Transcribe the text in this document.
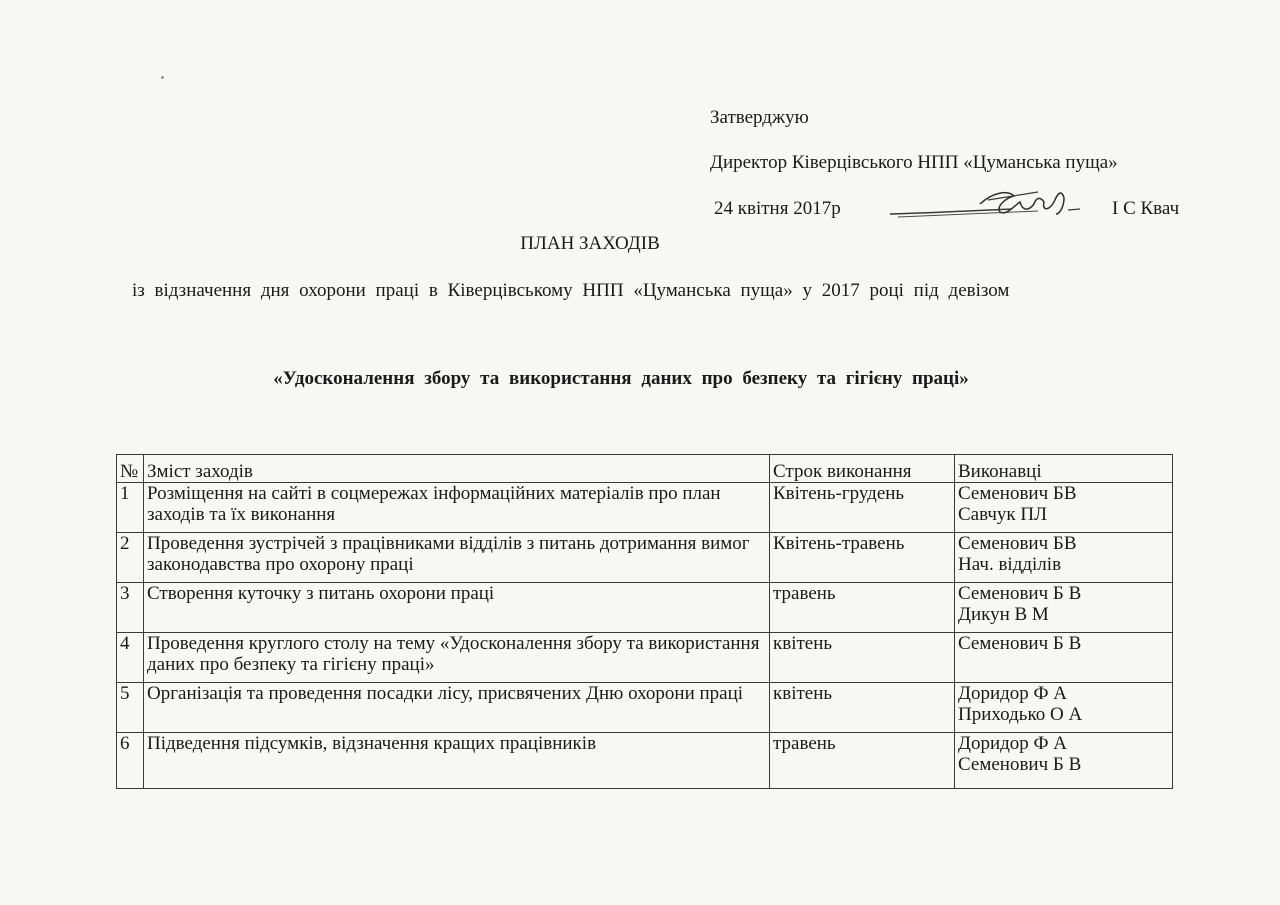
Затверджую
Директор Ківерцівського НПП «Цуманська пуща»
24 квітня 2017р	І С Квач
ПЛАН ЗАХОДІВ
із відзначення дня охорони праці в Ківерцівському НПП «Цуманська пуща» у 2017 році під девізом
«Удосконалення збору та використання даних про безпеку та гігієну праці»
№	Зміст заходів	Строк виконання	Виконавці
1	Розміщення на сайті в соцмережах інформаційних матеріалів про план заходів та їх виконання	Квітень-грудень	Семенович БВ
Савчук ПЛ

2	Проведення зустрічей з працівниками відділів з питань дотримання вимог законодавства про охорону праці	Квітень-травень	Семенович БВ
Нач. відділів

3	Створення куточку з питань охорони праці	травень	Семенович Б В
Дикун В М

4	Проведення круглого столу на тему «Удосконалення збору та використання даних про безпеку та гігієну праці»	квітень	Семенович Б В

5	Організація та проведення посадки лісу, присвячених Дню охорони праці	квітень	Доридор Ф А
Приходько О А

6	Підведення підсумків, відзначення кращих працівників	травень	Доридор Ф А
Семенович Б В
